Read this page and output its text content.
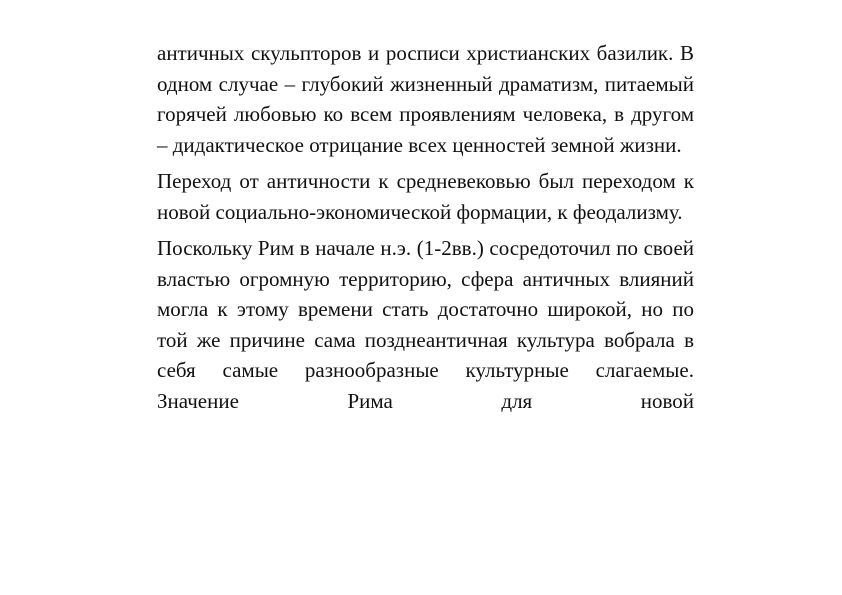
античных скульпторов и росписи христианских базилик. В одном случае – глубокий жизненный драматизм, питаемый горячей любовью ко всем проявлениям человека, в другом – дидактическое отрицание всех ценностей земной жизни.

Переход от античности к средневековью был переходом к новой социально-экономической формации, к феодализму.

Поскольку Рим в начале н.э. (1-2вв.) сосредоточил по своей властью огромную территорию, сфера античных влияний могла к этому времени стать достаточно широкой, но по той же причине сама позднеантичная культура вобрала в себя самые разнообразные культурные слагаемые. Значение Рима для новой
